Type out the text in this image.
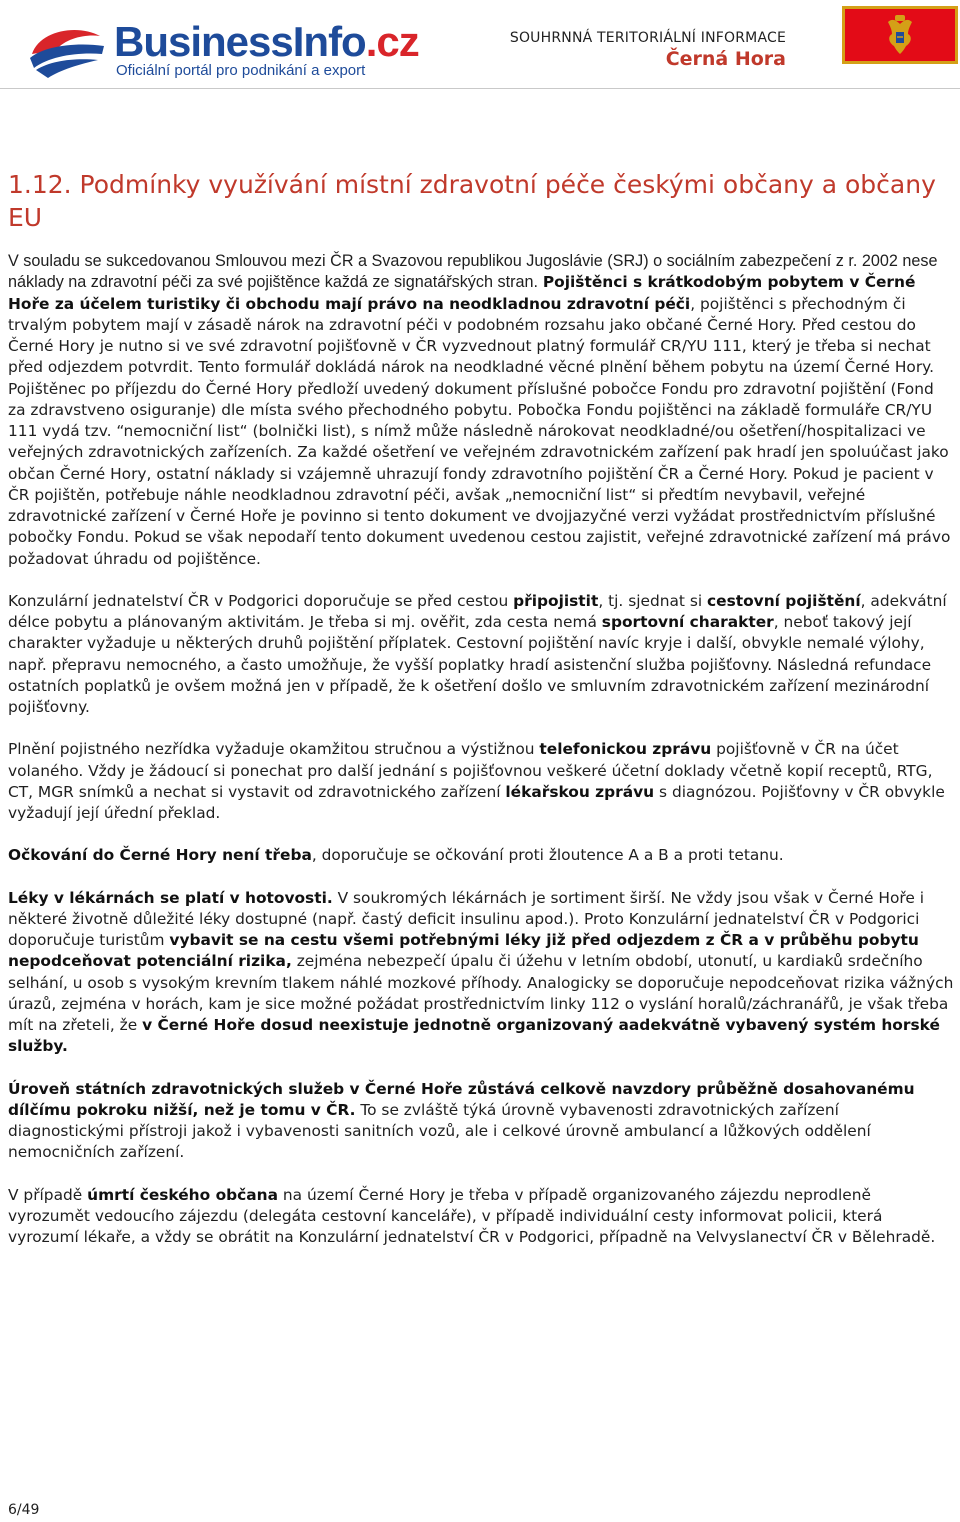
BusinessInfo.cz
Oficiální portál pro podnikání a export
SOUHRNNÁ TERITORIÁLNÍ INFORMACE
Černá Hora
1.12. Podmínky využívání místní zdravotní péče českými občany a občany EU

V souladu se sukcedovanou Smlouvou mezi ČR a Svazovou republikou Jugoslávie (SRJ) o sociálním zabezpečení z r. 2002 nese náklady na zdravotní péči za své pojištěnce každá ze signatářských stran. Pojištěnci s krátkodobým pobytem v Černé Hoře za účelem turistiky či obchodu mají právo na neodkladnou zdravotní péči, pojištěnci s přechodným či trvalým pobytem mají v zásadě nárok na zdravotní péči v podobném rozsahu jako občané Černé Hory. Před cestou do Černé Hory je nutno si ve své zdravotní pojišťovně v ČR vyzvednout platný formulář CR/YU 111, který je třeba si nechat před odjezdem potvrdit. Tento formulář dokládá nárok na neodkladné věcné plnění během pobytu na území Černé Hory. Pojištěnec po příjezdu do Černé Hory předloží uvedený dokument příslušné pobočce Fondu pro zdravotní pojištění (Fond za zdravstveno osiguranje) dle místa svého přechodného pobytu. Pobočka Fondu pojištěnci na základě formuláře CR/YU 111 vydá tzv. “nemocniční list“ (bolnički list), s nímž může následně nárokovat neodkladné/ou ošetření/hospitalizaci ve veřejných zdravotnických zařízeních. Za každé ošetření ve veřejném zdravotnickém zařízení pak hradí jen spoluúčast jako občan Černé Hory, ostatní náklady si vzájemně uhrazují fondy zdravotního pojištění ČR a Černé Hory. Pokud je pacient v ČR pojištěn, potřebuje náhle neodkladnou zdravotní péči, avšak „nemocniční list“ si předtím nevybavil, veřejné zdravotnické zařízení v Černé Hoře je povinno si tento dokument ve dvojjazyčné verzi vyžádat prostřednictvím příslušné pobočky Fondu. Pokud se však nepodaří tento dokument uvedenou cestou zajistit, veřejné zdravotnické zařízení má právo požadovat úhradu od pojištěnce.

Konzulární jednatelství ČR v Podgorici doporučuje se před cestou připojistit, tj. sjednat si cestovní pojištění, adekvátní délce pobytu a plánovaným aktivitám. Je třeba si mj. ověřit, zda cesta nemá sportovní charakter, neboť takový její charakter vyžaduje u některých druhů pojištění příplatek. Cestovní pojištění navíc kryje i další, obvykle nemalé výlohy, např. přepravu nemocného, a často umožňuje, že vyšší poplatky hradí asistenční služba pojišťovny. Následná refundace ostatních poplatků je ovšem možná jen v případě, že k ošetření došlo ve smluvním zdravotnickém zařízení mezinárodní pojišťovny.

Plnění pojistného nezřídka vyžaduje okamžitou stručnou a výstižnou telefonickou zprávu pojišťovně v ČR na účet volaného. Vždy je žádoucí si ponechat pro další jednání s pojišťovnou veškeré účetní doklady včetně kopií receptů, RTG, CT, MGR snímků a nechat si vystavit od zdravotnického zařízení lékařskou zprávu s diagnózou. Pojišťovny v ČR obvykle vyžadují její úřední překlad.

Očkování do Černé Hory není třeba, doporučuje se očkování proti žloutence A a B a proti tetanu.

Léky v lékárnách se platí v hotovosti. V soukromých lékárnách je sortiment širší. Ne vždy jsou však v Černé Hoře i některé životně důležité léky dostupné (např. častý deficit insulinu apod.). Proto Konzulární jednatelství ČR v Podgorici doporučuje turistům vybavit se na cestu všemi potřebnými léky již před odjezdem z ČR a v průběhu pobytu nepodceňovat potenciální rizika, zejména nebezpečí úpalu či úžehu v letním období, utonutí, u kardiaků srdečního selhání, u osob s vysokým krevním tlakem náhlé mozkové příhody. Analogicky se doporučuje nepodceňovat rizika vážných úrazů, zejména v horách, kam je sice možné požádat prostřednictvím linky 112 o vyslání horalů/záchranářů, je však třeba mít na zřeteli, že v Černé Hoře dosud neexistuje jednotně organizovaný aadekvátně vybavený systém horské služby.

Úroveň státních zdravotnických služeb v Černé Hoře zůstává celkově navzdory průběžně dosahovanému dílčímu pokroku nižší, než je tomu v ČR. To se zvláště týká úrovně vybavenosti zdravotnických zařízení diagnostickými přístroji jakož i vybavenosti sanitních vozů, ale i celkové úrovně ambulancí a lůžkových oddělení nemocničních zařízení.

V případě úmrtí českého občana na území Černé Hory je třeba v případě organizovaného zájezdu neprodleně vyrozumět vedoucího zájezdu (delegáta cestovní kanceláře), v případě individuální cesty informovat policii, která vyrozumí lékaře, a vždy se obrátit na Konzulární jednatelství ČR v Podgorici, případně na Velvyslanectví ČR v Bělehradě.

6/49
